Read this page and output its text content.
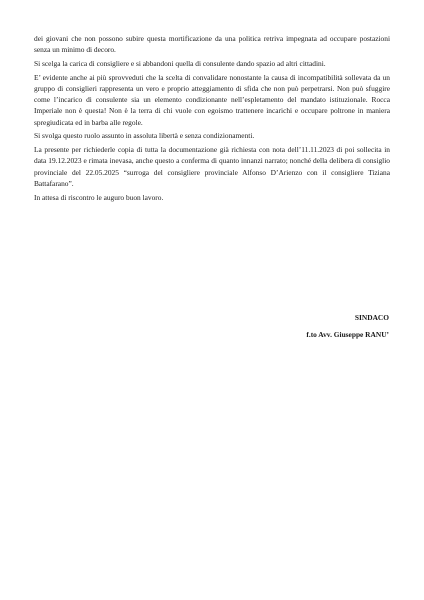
dei giovani che non possono subire questa mortificazione da una politica retriva impegnata ad occupare postazioni senza un minimo di decoro.

Si scelga la carica di consigliere e si abbandoni quella di consulente dando spazio ad altri cittadini.

E’ evidente anche ai più sprovveduti che la scelta di convalidare nonostante la causa di incompatibilità sollevata da un gruppo di consiglieri rappresenta un vero e proprio atteggiamento di sfida che non può perpetrarsi. Non può sfuggire come l’incarico di consulente sia un elemento condizionante nell’espletamento del mandato istituzionale. Rocca Imperiale non è questa! Non è la terra di chi vuole con egoismo trattenere incarichi e occupare poltrone in maniera spregiudicata ed in barba alle regole.

Si svolga questo ruolo assunto in assoluta libertà e senza condizionamenti.

La presente per richiederle copia di tutta la documentazione già richiesta con nota dell’11.11.2023 di poi sollecita in data 19.12.2023 e rimata inevasa, anche questo a conferma di quanto innanzi narrato; nonché della delibera di consiglio provinciale del 22.05.2025 “surroga del consigliere provinciale Alfonso D’Arienzo con il consigliere Tiziana Battafarano”.

In attesa di riscontro le auguro buon lavoro.

SINDACO
f.to Avv. Giuseppe RANU’
